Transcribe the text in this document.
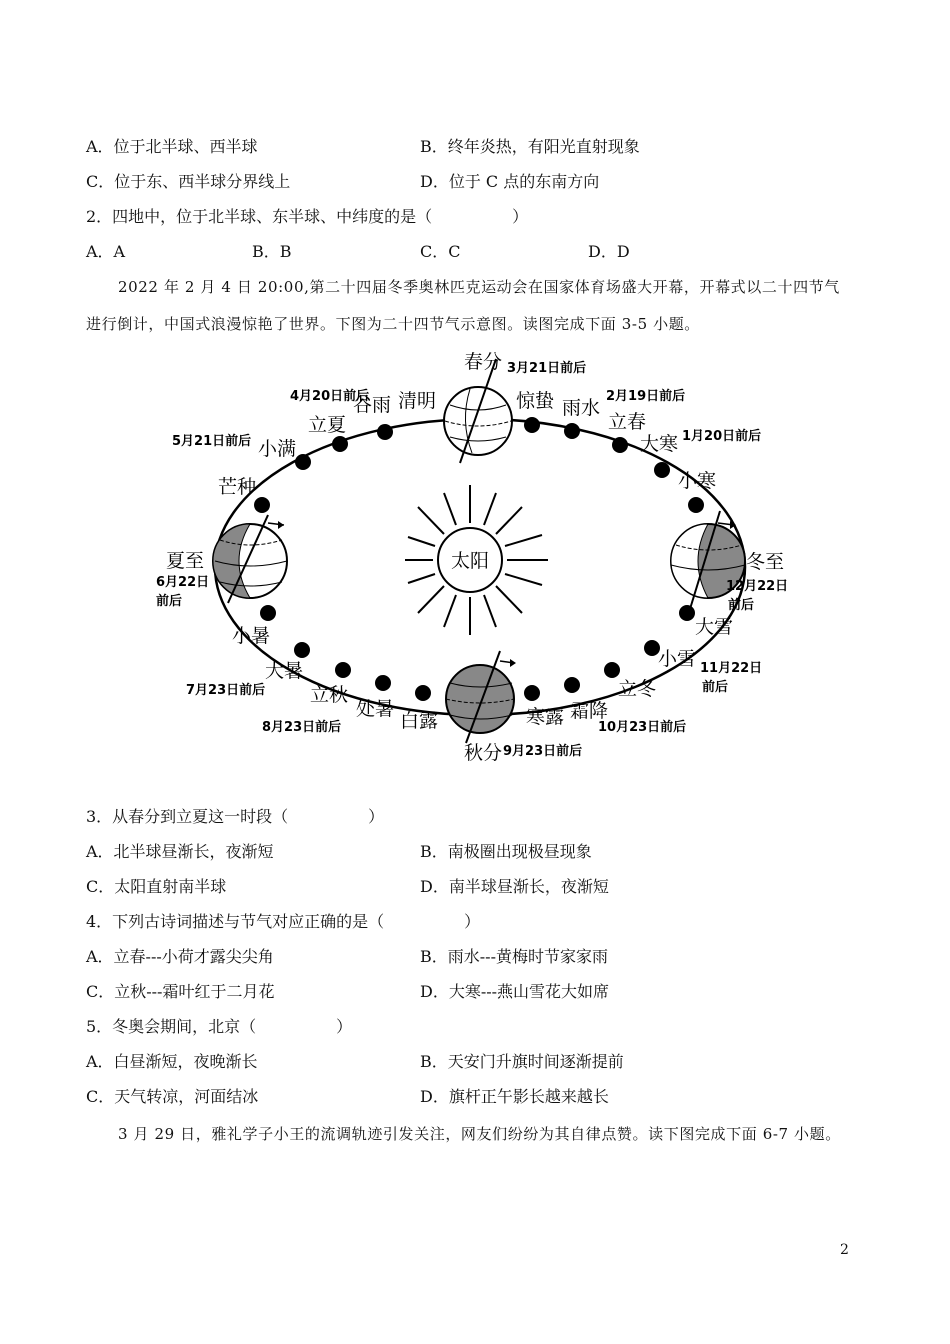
A．位于北半球、西半球	B．终年炎热，有阳光直射现象
C．位于东、西半球分界线上	D．位于 C 点的东南方向
2．四地中，位于北半球、东半球、中纬度的是（　　　　　）
A．A	B．B	C．C	D．D
2022 年 2 月 4 日 20:00,第二十四届冬季奥林匹克运动会在国家体育场盛大开幕，开幕式以二十四节气
进行倒计，中国式浪漫惊艳了世界。下图为二十四节气示意图。读图完成下面 3-5 小题。
太阳
春分
清明
谷雨
立夏
小满
芒种
夏至
小暑
大暑
立秋
处暑
白露
秋分
寒露 霜降
立冬
小雪
大雪
冬至
小寒
大寒
立春
雨水
惊蛰
3月21日前后
4月20日前后	2月19日前后
1月20日前后
5月21日前后
6月22日
前后
12月22日
前后
11月22日
前后
7月23日前后
8月23日前后	10月23日前后
9月23日前后
3．从春分到立夏这一时段（　　　　　）
A．北半球昼渐长，夜渐短	B．南极圈出现极昼现象
C．太阳直射南半球	D．南半球昼渐长，夜渐短
4．下列古诗词描述与节气对应正确的是（　　　　　）
A．立春---小荷才露尖尖角	B．雨水---黄梅时节家家雨
C．立秋---霜叶红于二月花	D．大寒---燕山雪花大如席
5．冬奥会期间，北京（　　　　　）
A．白昼渐短，夜晚渐长	B．天安门升旗时间逐渐提前
C．天气转凉，河面结冰	D．旗杆正午影长越来越长
3 月 29 日，雅礼学子小王的流调轨迹引发关注，网友们纷纷为其自律点赞。读下图完成下面 6-7 小题。
2
